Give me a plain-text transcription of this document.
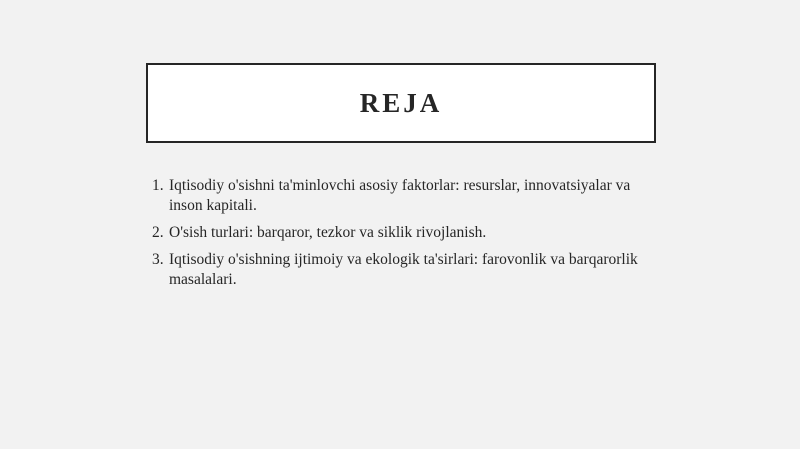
REJA
1. Iqtisodiy o'sishni ta'minlovchi asosiy faktorlar: resurslar, innovatsiyalar va inson kapitali.
2. O'sish turlari: barqaror, tezkor va siklik rivojlanish.
3. Iqtisodiy o'sishning ijtimoiy va ekologik ta'sirlari: farovonlik va barqarorlik masalalari.
